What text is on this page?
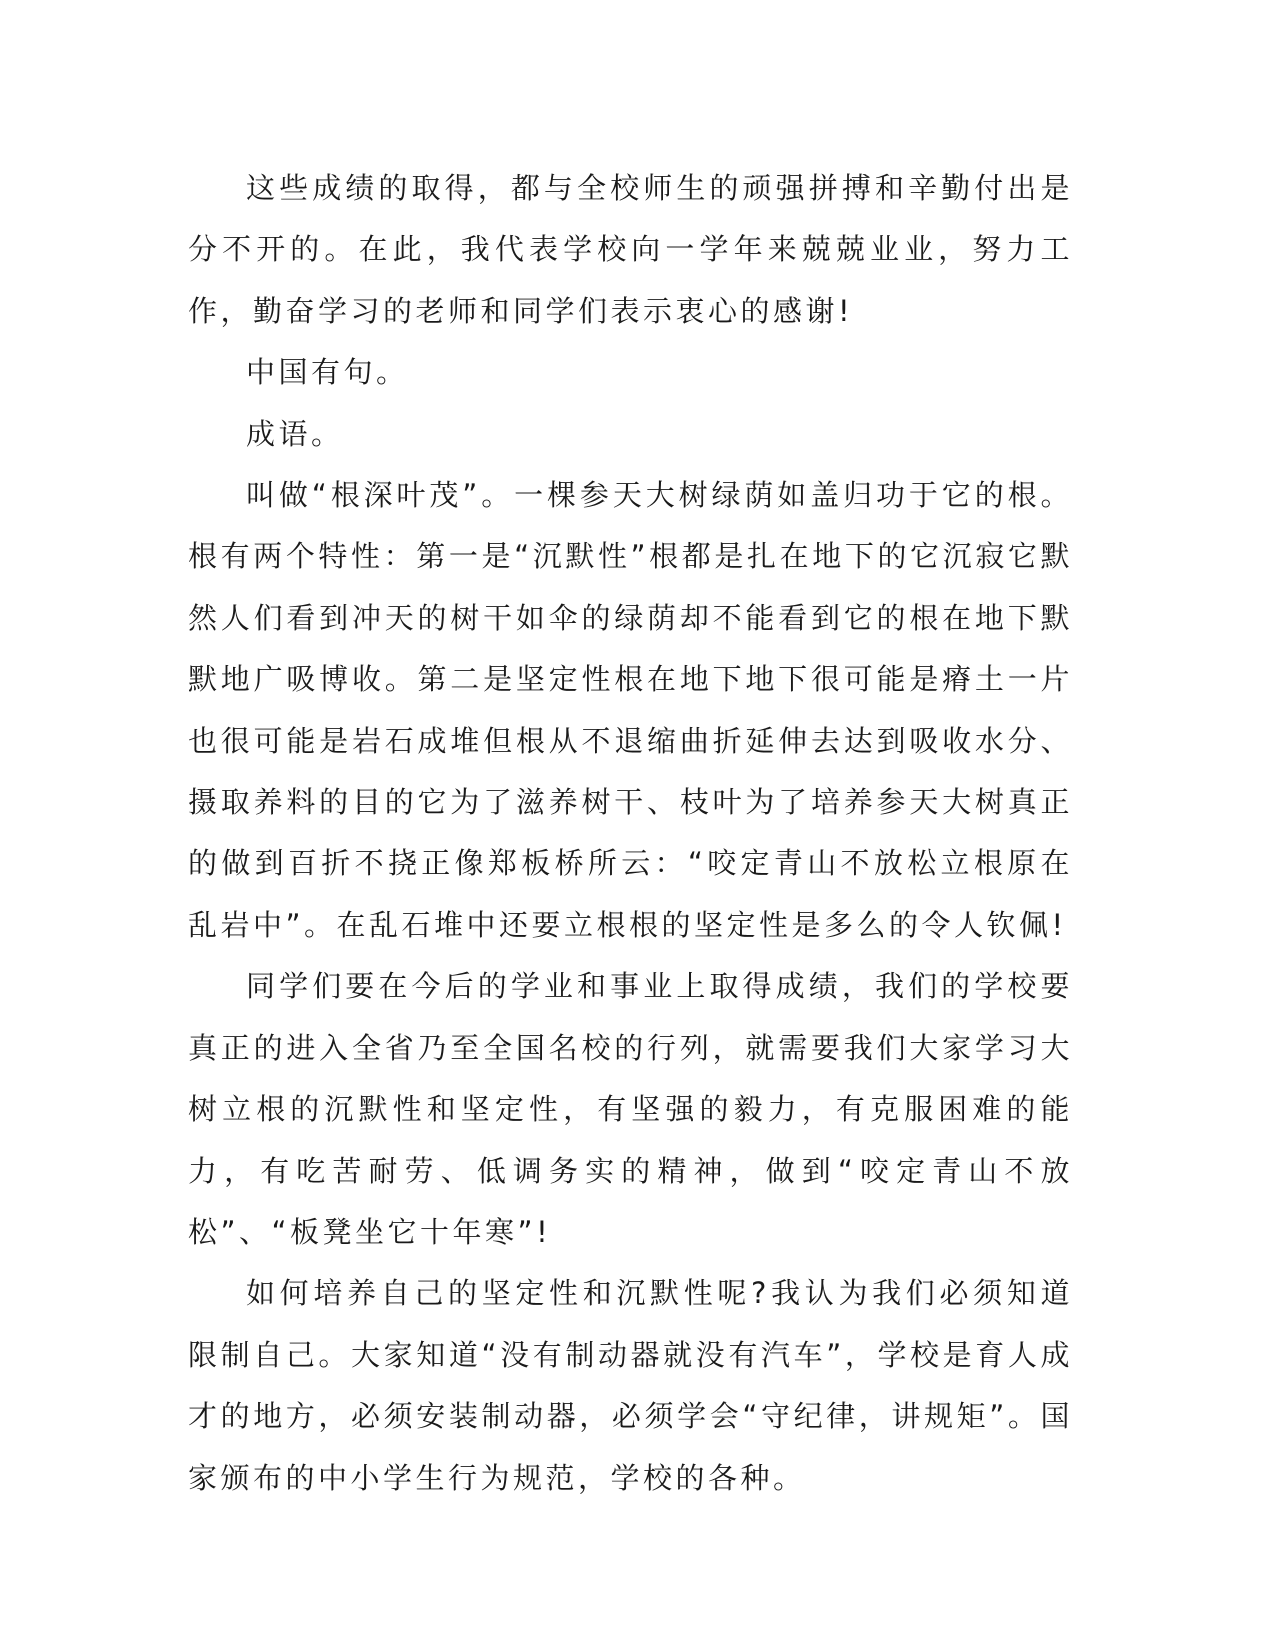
这些成绩的取得，都与全校师生的顽强拼搏和辛勤付出是分不开的。在此，我代表学校向一学年来兢兢业业，努力工作，勤奋学习的老师和同学们表示衷心的感谢!

中国有句。

成语。

叫做“根深叶茂”。一棵参天大树绿荫如盖归功于它的根。根有两个特性：第一是“沉默性”根都是扎在地下的它沉寂它默然人们看到冲天的树干如伞的绿荫却不能看到它的根在地下默默地广吸博收。第二是坚定性根在地下地下很可能是瘠土一片也很可能是岩石成堆但根从不退缩曲折延伸去达到吸收水分、摄取养料的目的它为了滋养树干、枝叶为了培养参天大树真正的做到百折不挠正像郑板桥所云：“咬定青山不放松立根原在乱岩中”。在乱石堆中还要立根根的坚定性是多么的令人钦佩!

同学们要在今后的学业和事业上取得成绩，我们的学校要真正的进入全省乃至全国名校的行列，就需要我们大家学习大树立根的沉默性和坚定性，有坚强的毅力，有克服困难的能力，有吃苦耐劳、低调务实的精神，做到“咬定青山不放松”、“板凳坐它十年寒”!

如何培养自己的坚定性和沉默性呢?我认为我们必须知道限制自己。大家知道“没有制动器就没有汽车”，学校是育人成才的地方，必须安装制动器，必须学会“守纪律，讲规矩”。国家颁布的中小学生行为规范，学校的各种。
